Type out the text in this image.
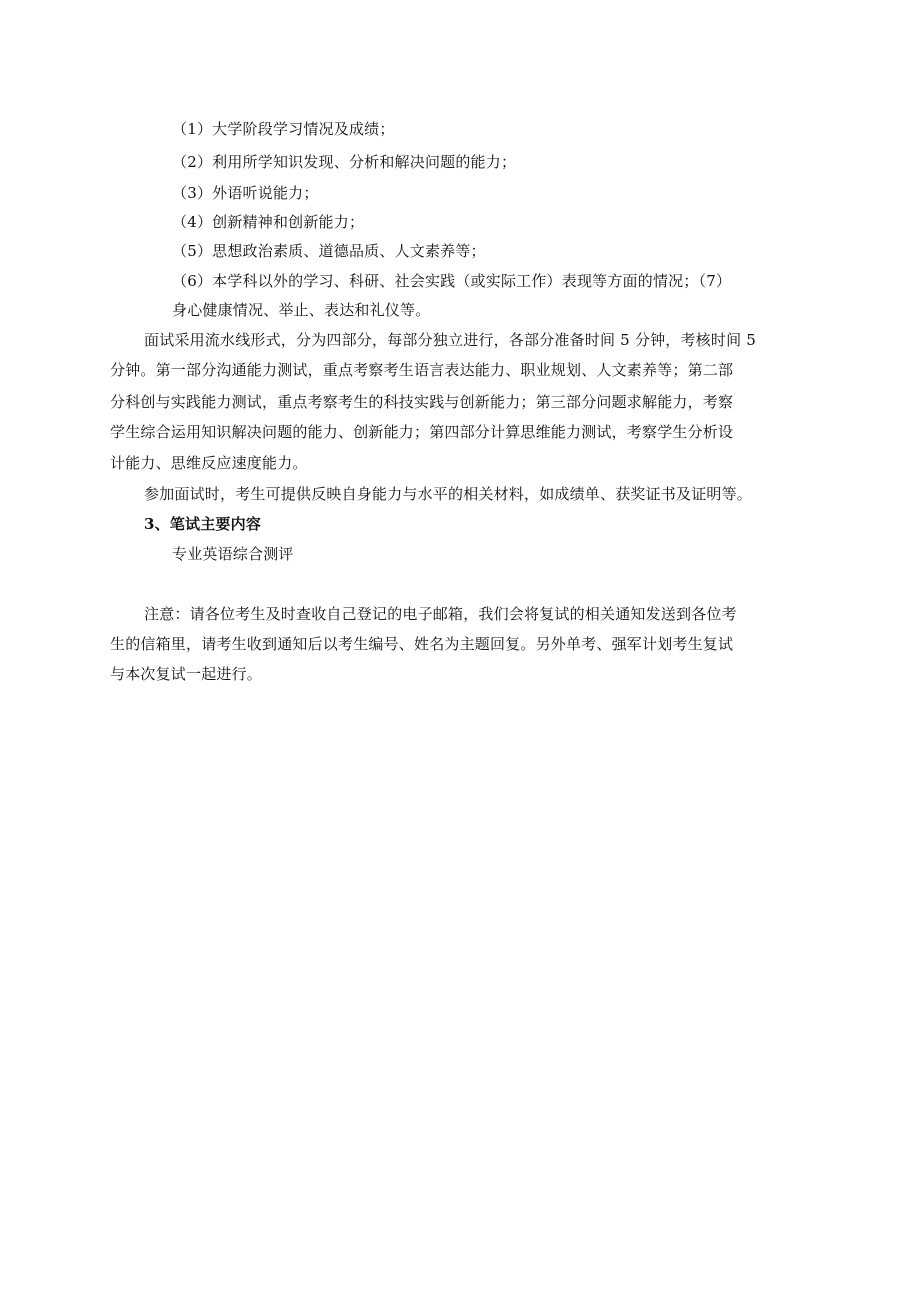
（1）大学阶段学习情况及成绩；
（2）利用所学知识发现、分析和解决问题的能力；
（3）外语听说能力；
（4）创新精神和创新能力；
（5）思想政治素质、道德品质、人文素养等；
（6）本学科以外的学习、科研、社会实践（或实际工作）表现等方面的情况；（7）
身心健康情况、举止、表达和礼仪等。
面试采用流水线形式，分为四部分，每部分独立进行，各部分准备时间 5 分钟，考核时间 5
分钟。第一部分沟通能力测试，重点考察考生语言表达能力、职业规划、人文素养等；第二部
分科创与实践能力测试，重点考察考生的科技实践与创新能力；第三部分问题求解能力，考察
学生综合运用知识解决问题的能力、创新能力；第四部分计算思维能力测试，考察学生分析设
计能力、思维反应速度能力。
参加面试时，考生可提供反映自身能力与水平的相关材料，如成绩单、获奖证书及证明等。
3、笔试主要内容
专业英语综合测评
注意：请各位考生及时查收自己登记的电子邮箱，我们会将复试的相关通知发送到各位考
生的信箱里，请考生收到通知后以考生编号、姓名为主题回复。另外单考、强军计划考生复试
与本次复试一起进行。
